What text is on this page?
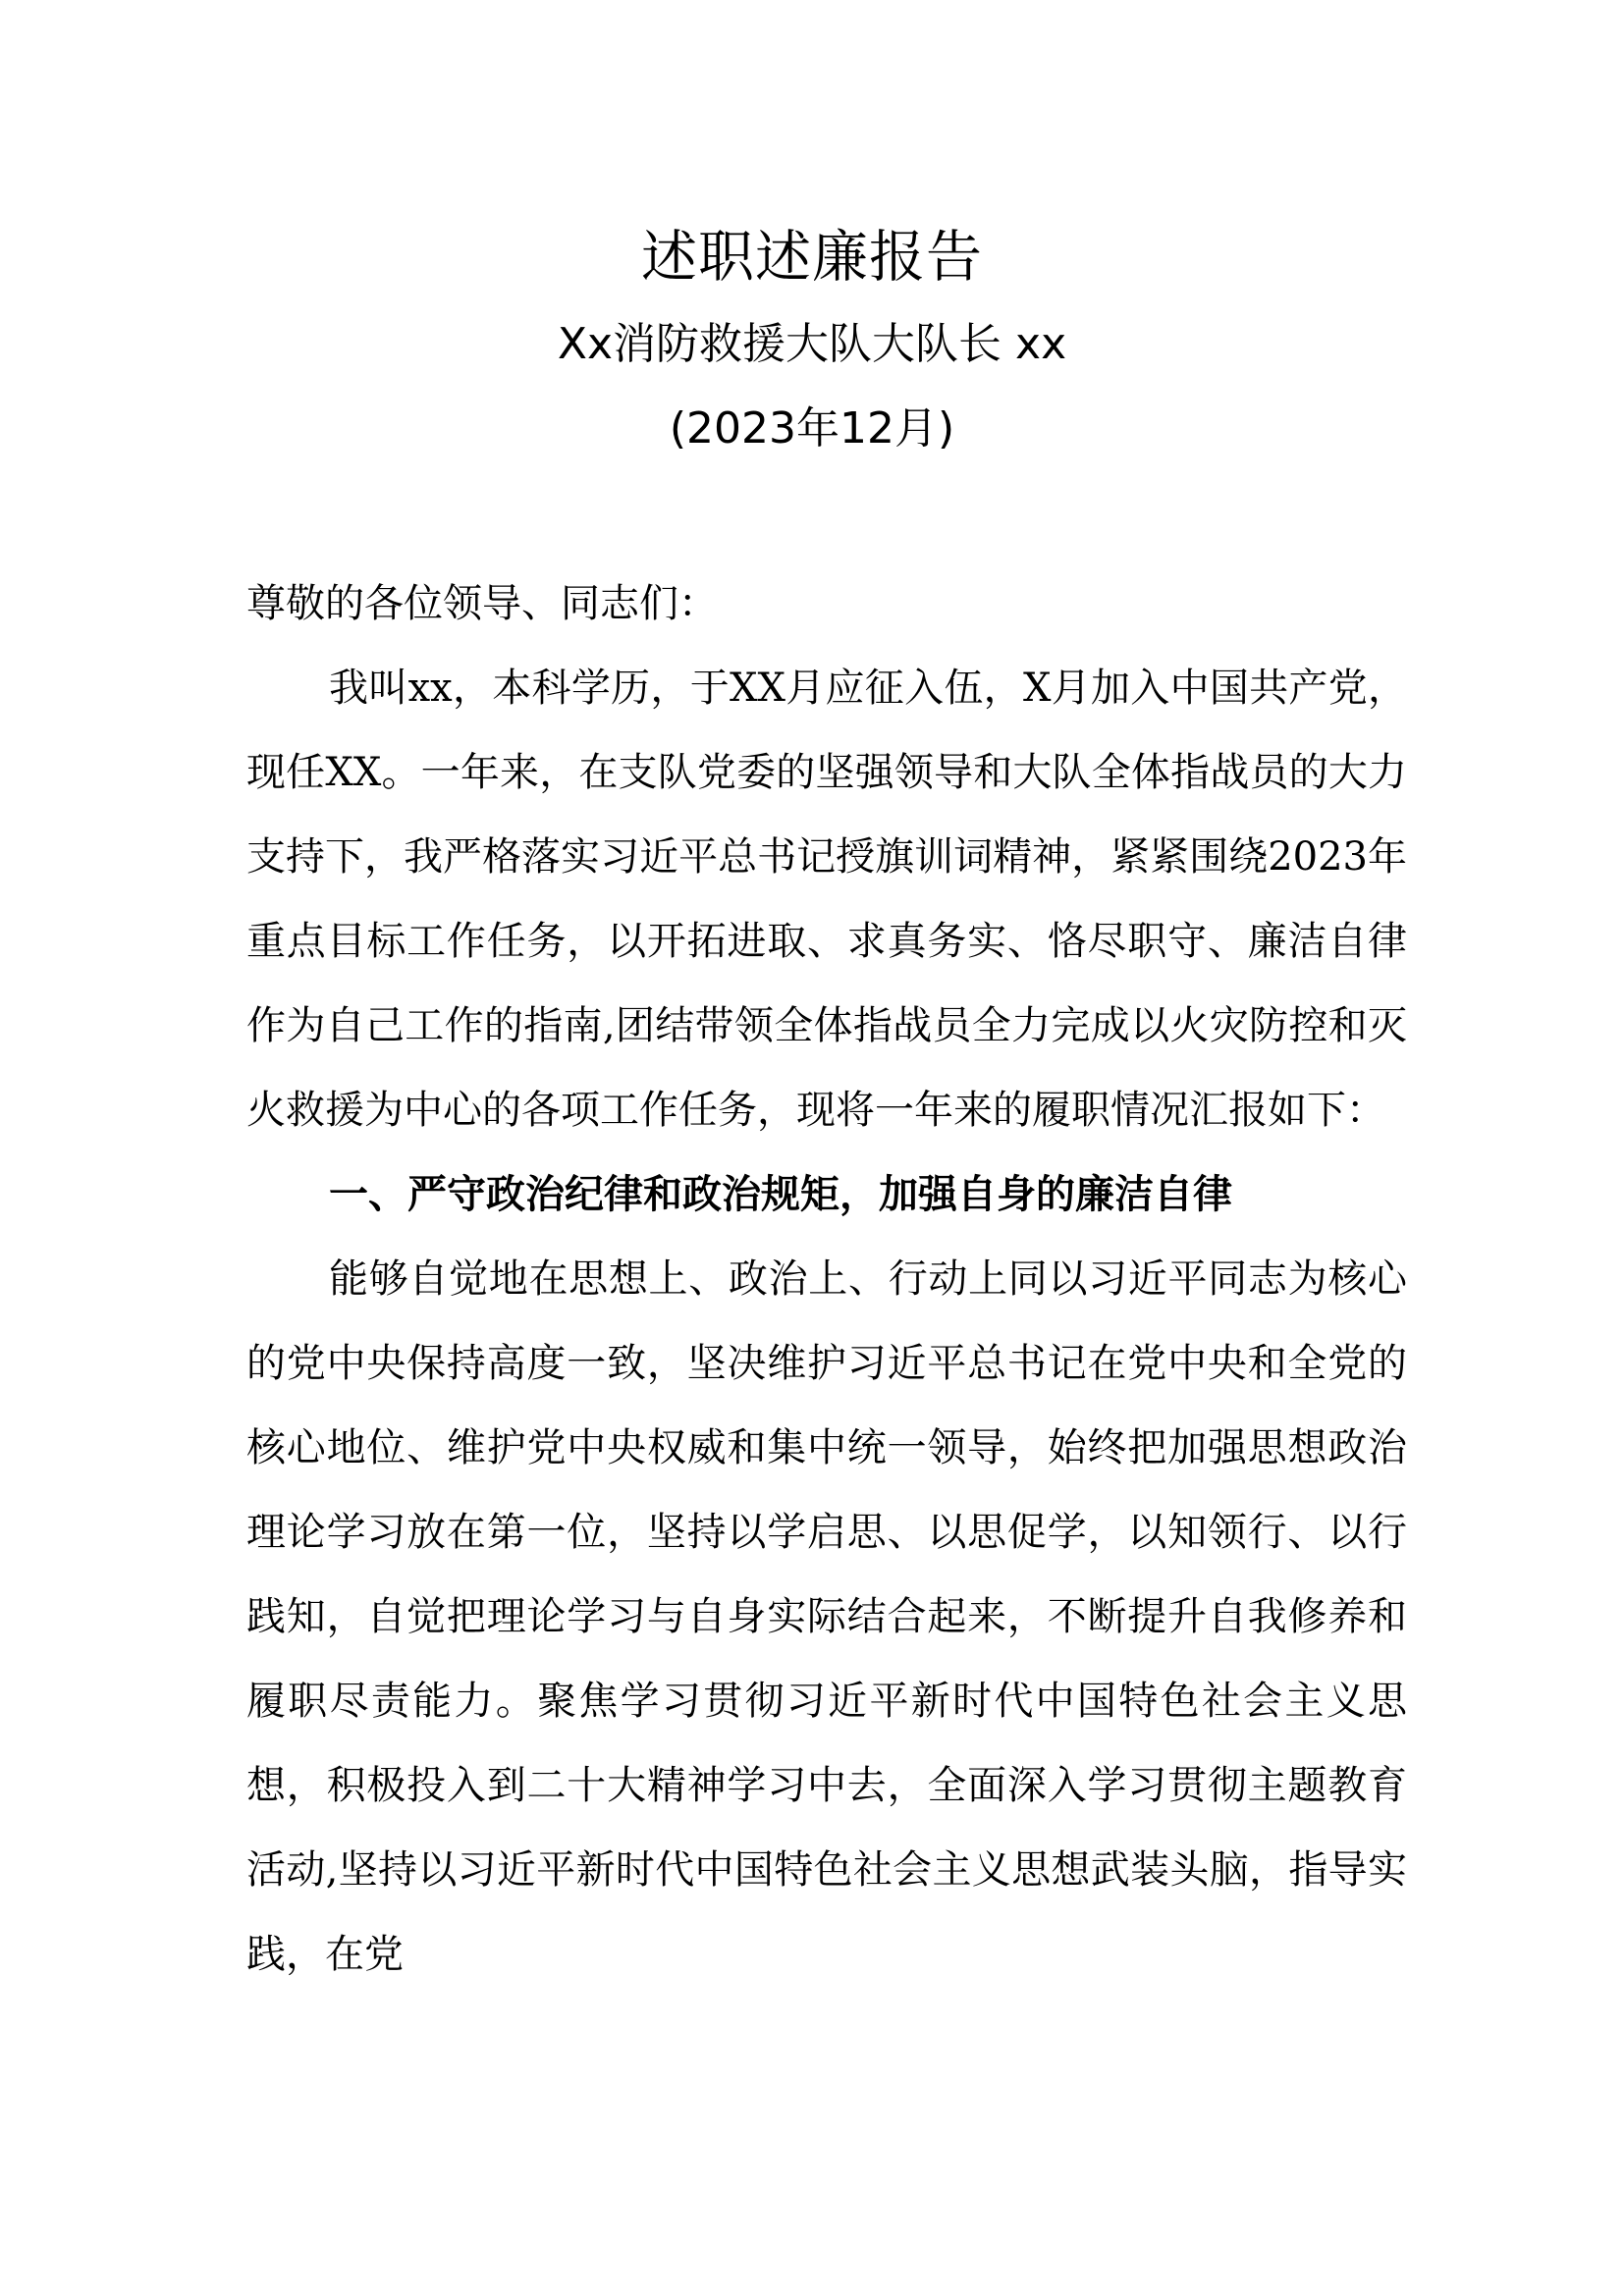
述职述廉报告
Xx消防救援大队大队长 xx
(2023年12月)

尊敬的各位领导、同志们：

我叫xx，本科学历，于XX月应征入伍，X月加入中国共产党，现任XX。一年来，在支队党委的坚强领导和大队全体指战员的大力支持下，我严格落实习近平总书记授旗训词精神，紧紧围绕2023年重点目标工作任务，以开拓进取、求真务实、恪尽职守、廉洁自律作为自己工作的指南,团结带领全体指战员全力完成以火灾防控和灭火救援为中心的各项工作任务，现将一年来的履职情况汇报如下：

一、严守政治纪律和政治规矩，加强自身的廉洁自律

能够自觉地在思想上、政治上、行动上同以习近平同志为核心的党中央保持高度一致，坚决维护习近平总书记在党中央和全党的核心地位、维护党中央权威和集中统一领导，始终把加强思想政治理论学习放在第一位，坚持以学启思、以思促学，以知领行、以行践知，自觉把理论学习与自身实际结合起来，不断提升自我修养和履职尽责能力。聚焦学习贯彻习近平新时代中国特色社会主义思想，积极投入到二十大精神学习中去，全面深入学习贯彻主题教育活动,坚持以习近平新时代中国特色社会主义思想武装头脑，指导实践，在党
